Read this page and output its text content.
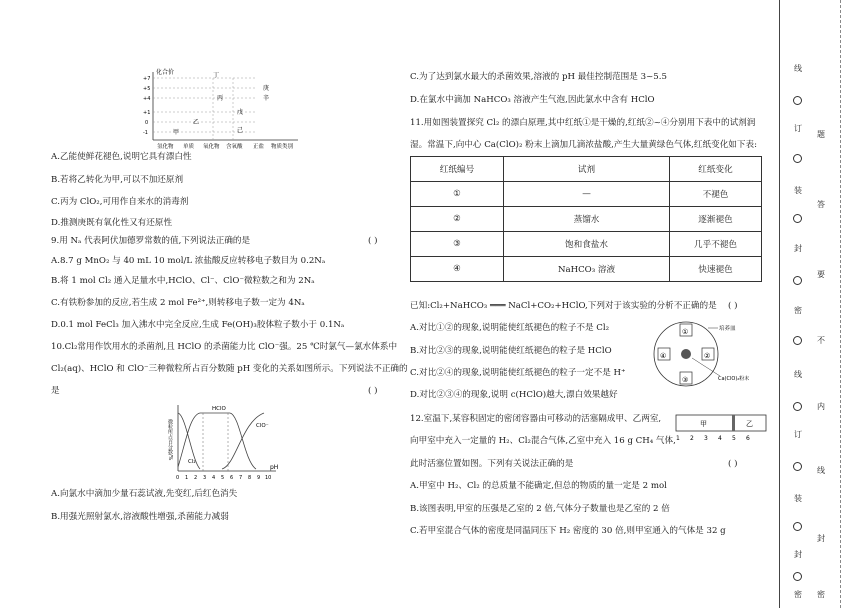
化合价
+7
+5
+4
+1
0
-1
氢化物 单质 氧化物 含氧酸 正盐 物质类别
丁
庚
戊
丙
乙
甲
辛
己
A.乙能使鲜花褪色,说明它具有漂白性
B.若将乙转化为甲,可以不加还原剂
C.丙为 ClO₂,可用作自来水的消毒剂
D.推测庚既有氧化性又有还原性
9.用 Nₐ 代表阿伏加德罗常数的值,下列说法正确的是	( )
A.8.7 g MnO₂ 与 40 mL 10 mol/L 浓盐酸反应转移电子数目为 0.2Nₐ
B.将 1 mol Cl₂ 通入足量水中,HClO、Cl⁻、ClO⁻微粒数之和为 2Nₐ
C.有铁粉参加的反应,若生成 2 mol Fe²⁺,则转移电子数一定为 4Nₐ
D.0.1 mol FeCl₃ 加入沸水中完全反应,生成 Fe(OH)₃胶体粒子数小于 0.1Nₐ
10.Cl₂常用作饮用水的杀菌剂,且 HClO 的杀菌能力比 ClO⁻强。25 ℃时氯气—氯水体系中
Cl₂(aq)、HClO 和 ClO⁻三种微粒所占百分数随 pH 变化的关系如图所示。下列说法不正确的
是	( )
微粒所占百分数/%
pH
0 1 2 3 4 5 6 7 8 9 10
HClO
ClO⁻
Cl₂
A.向氯水中滴加少量石蕊试液,先变红,后红色消失
B.用强光照射氯水,溶液酸性增强,杀菌能力减弱
C.为了达到氯水最大的杀菌效果,溶液的 pH 最佳控制范围是 3~5.5
D.在氯水中滴加 NaHCO₃ 溶液产生气泡,因此氯水中含有 HClO
11.用如图装置探究 Cl₂ 的漂白原理,其中红纸①是干燥的,红纸②~④分别用下表中的试剂润
湿。常温下,向中心 Ca(ClO)₂ 粉末上滴加几滴浓盐酸,产生大量黄绿色气体,红纸变化如下表:
红纸编号	试剂	红纸变化
①	—	不褪色
②	蒸馏水	逐渐褪色
③	饱和食盐水	几乎不褪色
④	NaHCO₃ 溶液	快速褪色
已知:Cl₂+NaHCO₃ ═══ NaCl+CO₂+HClO,下列对于该实验的分析不正确的是 ( )
A.对比①②的现象,说明能使红纸褪色的粒子不是 Cl₂
B.对比②③的现象,说明能使红纸褪色的粒子是 HClO
C.对比②④的现象,说明能使红纸褪色的粒子一定不是 H⁺
D.对比②③④的现象,说明 c(HClO)越大,漂白效果越好
①
②
③
④
培养皿
Ca(ClO)₂粉末
12.室温下,某容积固定的密闭容器由可移动的活塞隔成甲、乙两室,
向甲室中充入一定量的 H₂、Cl₂混合气体,乙室中充入 16 g CH₄ 气体,
此时活塞位置如图。下列有关说法正确的是	( )
甲	乙
1 2 3 4 5 6
A.甲室中 H₂、Cl₂ 的总质量不能确定,但总的物质的量一定是 2 mol
B.该图表明,甲室的压强是乙室的 2 倍,气体分子数量也是乙室的 2 倍
C.若甲室混合气体的密度是同温同压下 H₂ 密度的 30 倍,则甲室通入的气体是 32 g
线
订
装
封
密
线
订
装
封
密
题
答
要
不
内
线
封
密
